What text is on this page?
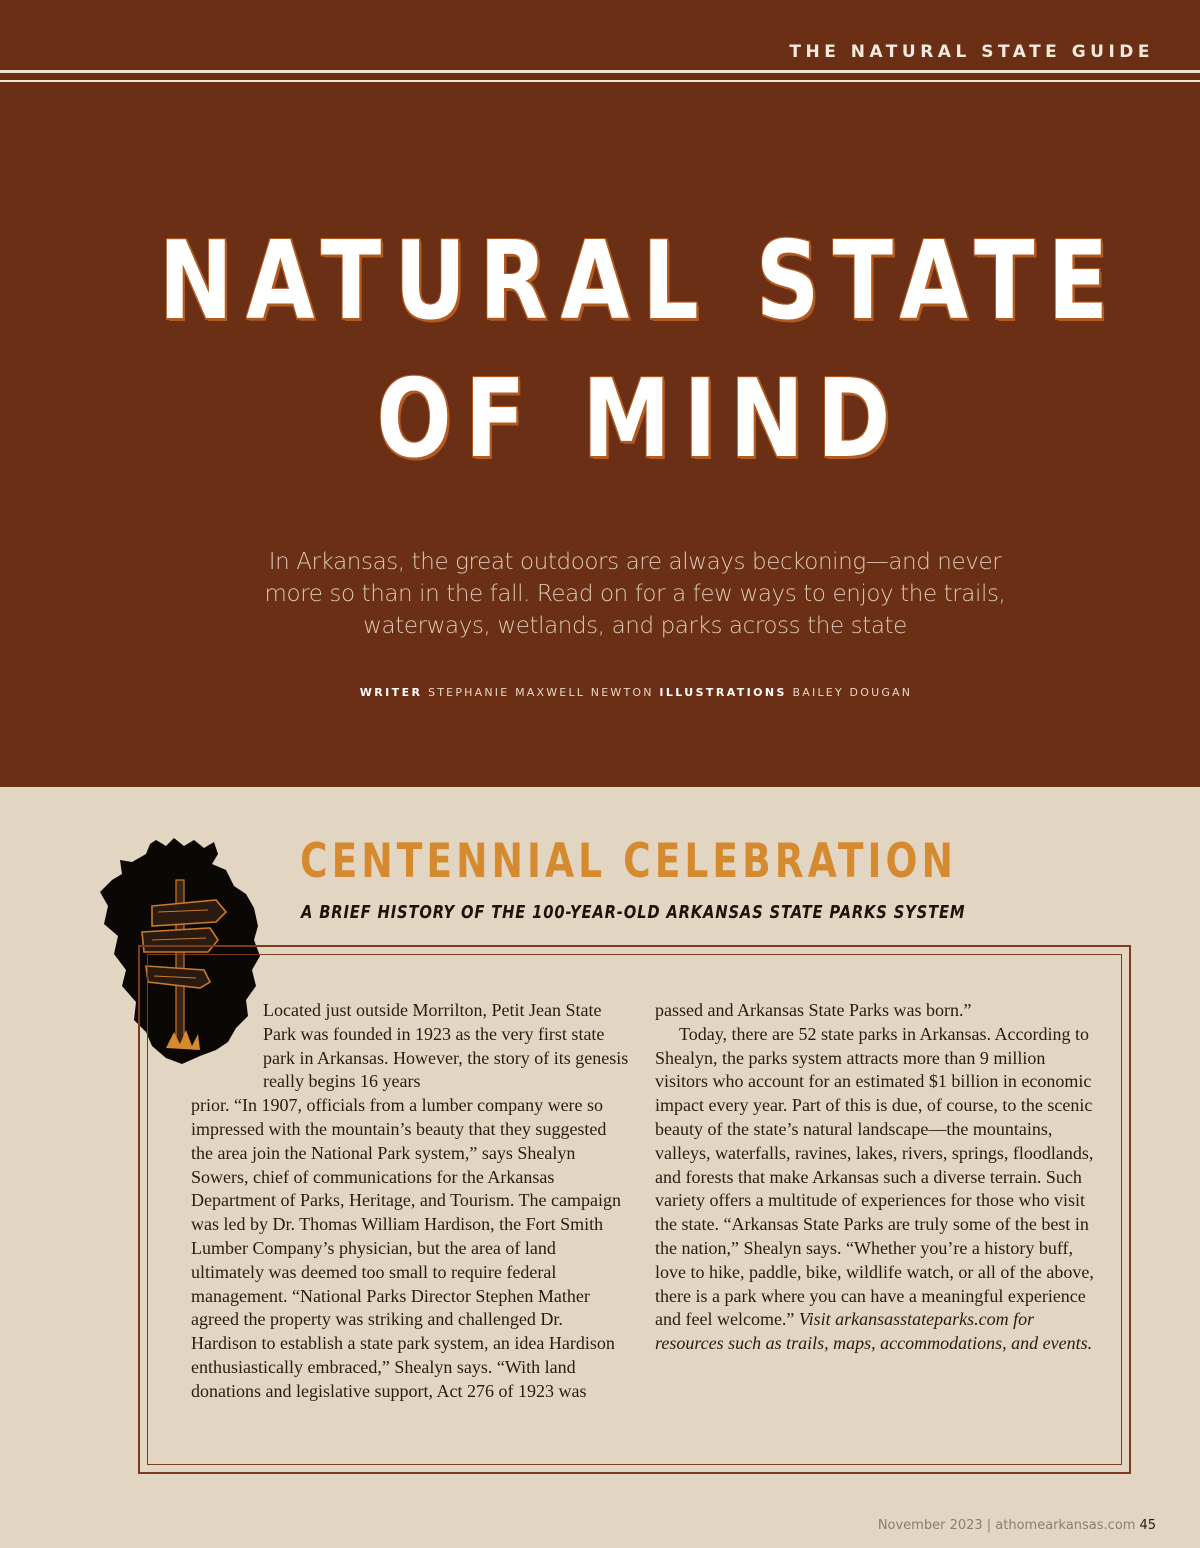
THE NATURAL STATE GUIDE
NATURAL STATE
OF MIND
In Arkansas, the great outdoors are always beckoning—and never more so than in the fall. Read on for a few ways to enjoy the trails, waterways, wetlands, and parks across the state
WRITER STEPHANIE MAXWELL NEWTON ILLUSTRATIONS BAILEY DOUGAN
CENTENNIAL CELEBRATION
A BRIEF HISTORY OF THE 100-YEAR-OLD ARKANSAS STATE PARKS SYSTEM

Located just outside Morrilton, Petit Jean State Park was founded in 1923 as the very first state park in Arkansas. However, the story of its genesis really begins 16 years

prior. “In 1907, officials from a lumber company were so impressed with the mountain’s beauty that they suggested the area join the National Park system,” says Shealyn Sowers, chief of communications for the Arkansas Department of Parks, Heritage, and Tourism. The campaign was led by Dr. Thomas William Hardison, the Fort Smith Lumber Company’s physician, but the area of land ultimately was deemed too small to require federal management. “National Parks Director Stephen Mather agreed the property was striking and challenged Dr. Hardison to establish a state park system, an idea Hardison enthusiastically embraced,” Shealyn says. “With land donations and legislative support, Act 276 of 1923 was

passed and Arkansas State Parks was born.”

Today, there are 52 state parks in Arkansas. According to Shealyn, the parks system attracts more than 9 million visitors who account for an estimated $1 billion in economic impact every year. Part of this is due, of course, to the scenic beauty of the state’s natural landscape—the mountains, valleys, waterfalls, ravines, lakes, rivers, springs, floodlands, and forests that make Arkansas such a diverse terrain. Such variety offers a multitude of experiences for those who visit the state. “Arkansas State Parks are truly some of the best in the nation,” Shealyn says. “Whether you’re a history buff, love to hike, paddle, bike, wildlife watch, or all of the above, there is a park where you can have a meaningful experience and feel welcome.” Visit arkansasstateparks.com for resources such as trails, maps, accommodations, and events.

November 2023 | athomearkansas.com 45
